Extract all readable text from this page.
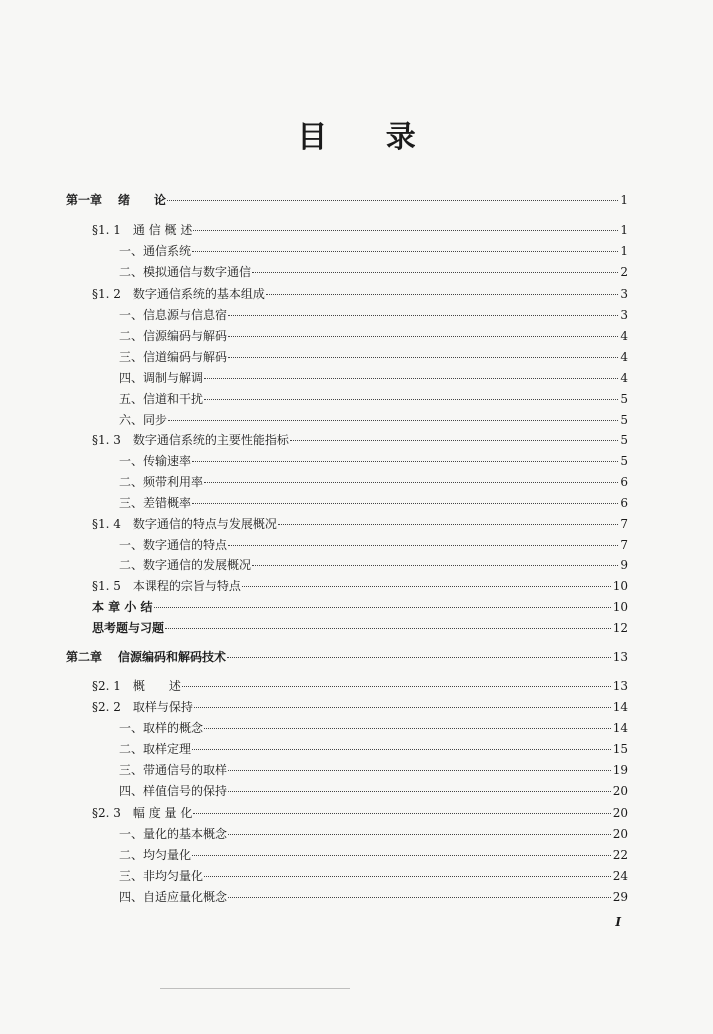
目 录
第一章 绪　　论	1
§1. 1 通 信 概 述	1
一、通信系统	1
二、模拟通信与数字通信	2
§1. 2 数字通信系统的基本组成	3
一、信息源与信息宿	3
二、信源编码与解码	4
三、信道编码与解码	4
四、调制与解调	4
五、信道和干扰	5
六、同步	5
§1. 3 数字通信系统的主要性能指标	5
一、传输速率	5
二、频带利用率	6
三、差错概率	6
§1. 4 数字通信的特点与发展概况	7
一、数字通信的特点	7
二、数字通信的发展概况	9
§1. 5 本课程的宗旨与特点	10
本 章 小 结	10
思考题与习题	12
第二章 信源编码和解码技术	13
§2. 1 概　　述	13
§2. 2 取样与保持	14
一、取样的概念	14
二、取样定理	15
三、带通信号的取样	19
四、样值信号的保持	20
§2. 3 幅 度 量 化	20
一、量化的基本概念	20
二、均匀量化	22
三、非均匀量化	24
四、自适应量化概念	29
I
